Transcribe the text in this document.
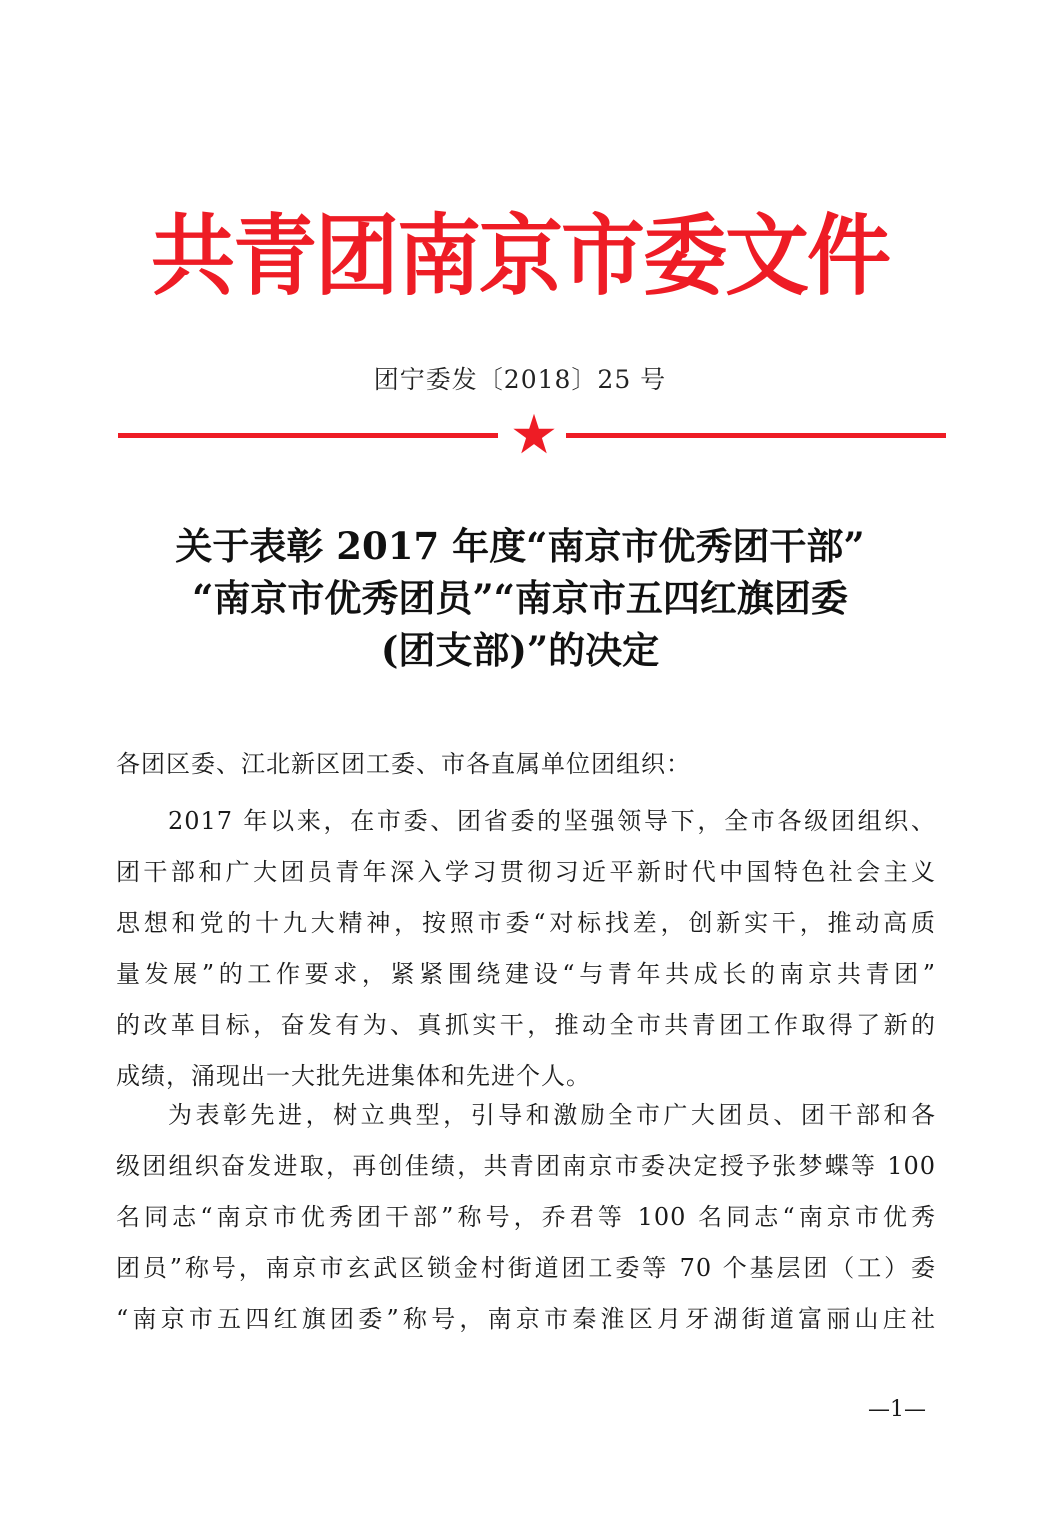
共青团南京市委文件
团宁委发〔2018〕25 号
关于表彰 2017 年度“南京市优秀团干部”
“南京市优秀团员”“南京市五四红旗团委
(团支部)”的决定
各团区委、江北新区团工委、市各直属单位团组织：
2017 年以来，在市委、团省委的坚强领导下，全市各级团组织、
团干部和广大团员青年深入学习贯彻习近平新时代中国特色社会主义
思想和党的十九大精神，按照市委“对标找差，创新实干，推动高质
量发展”的工作要求，紧紧围绕建设“与青年共成长的南京共青团”
的改革目标，奋发有为、真抓实干，推动全市共青团工作取得了新的
成绩，涌现出一大批先进集体和先进个人。
为表彰先进，树立典型，引导和激励全市广大团员、团干部和各
级团组织奋发进取，再创佳绩，共青团南京市委决定授予张梦蝶等 100
名同志“南京市优秀团干部”称号，乔君等 100 名同志“南京市优秀
团员”称号，南京市玄武区锁金村街道团工委等 70 个基层团（工）委
“南京市五四红旗团委”称号，南京市秦淮区月牙湖街道富丽山庄社
—1—
